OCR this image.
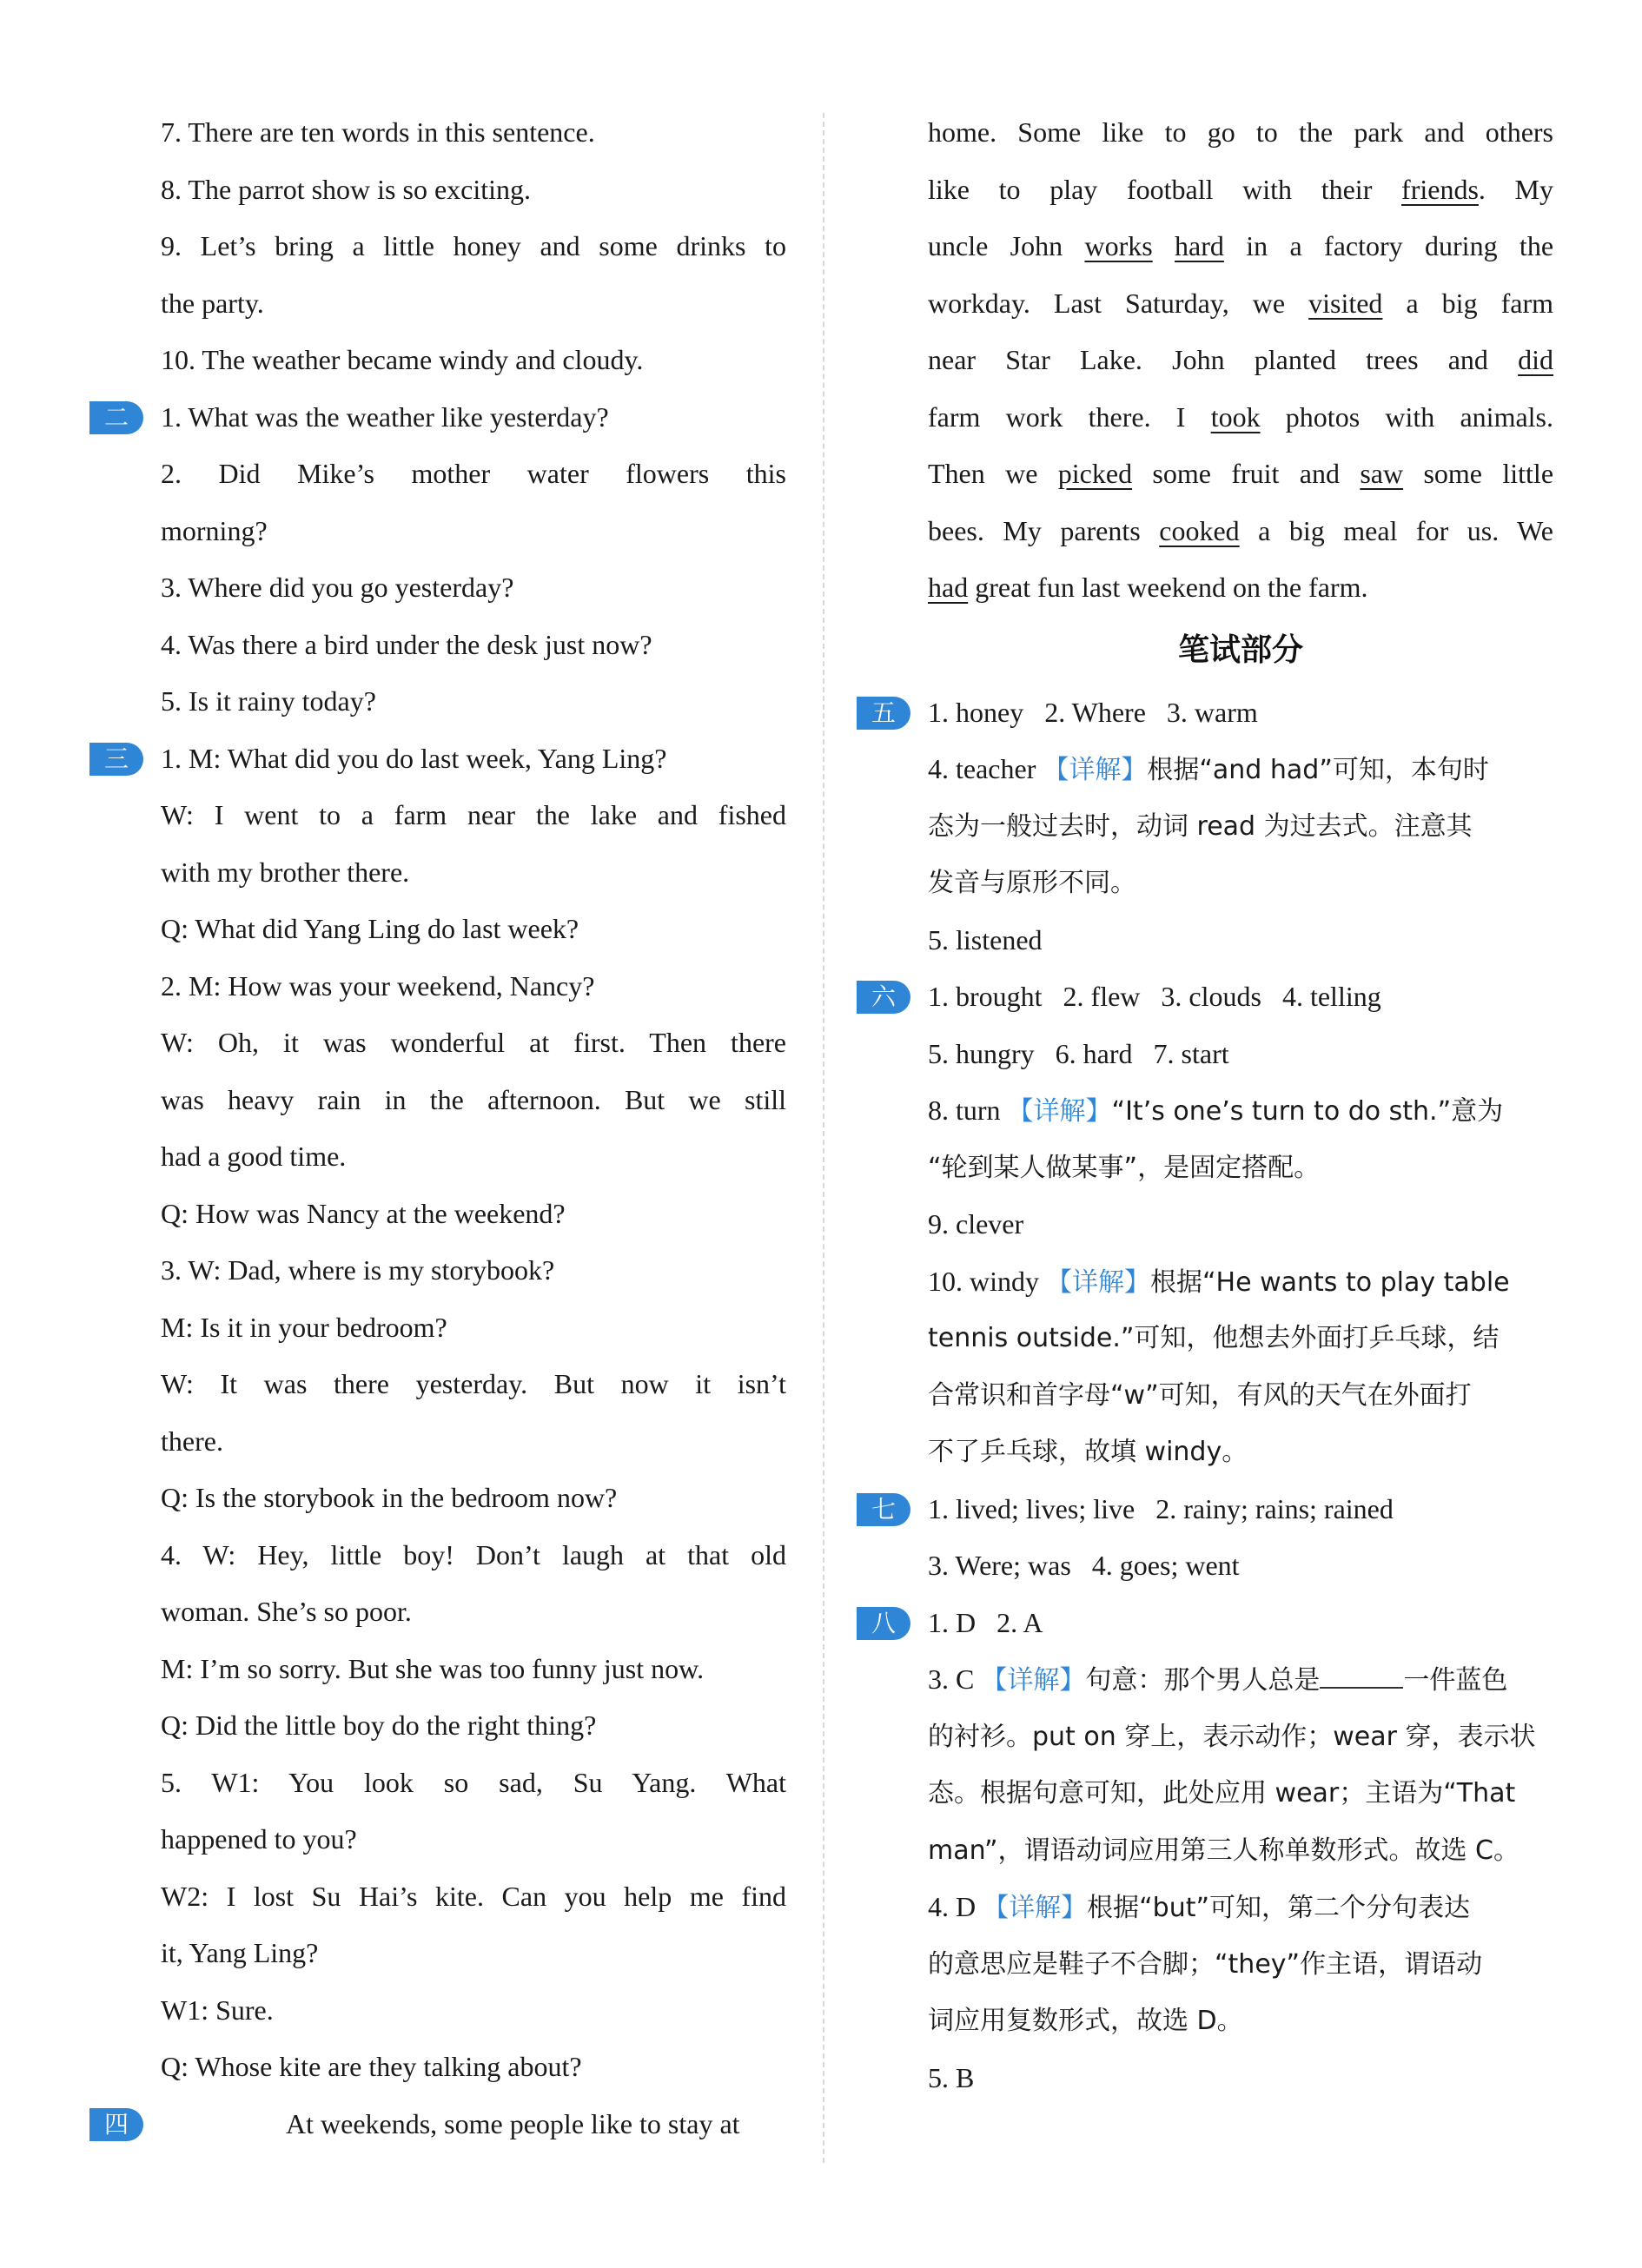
7. There are ten words in this sentence.
8. The parrot show is so exciting.
9. Let’s bring a little honey and some drinks to
the party.
10. The weather became windy and cloudy.
二	1. What was the weather like yesterday?
2. Did Mike’s mother water flowers this
morning?
3. Where did you go yesterday?
4. Was there a bird under the desk just now?
5. Is it rainy today?
三	1. M: What did you do last week, Yang Ling?
W: I went to a farm near the lake and fished
with my brother there.
Q: What did Yang Ling do last week?
2. M: How was your weekend, Nancy?
W: Oh, it was wonderful at first. Then there
was heavy rain in the afternoon. But we still
had a good time.
Q: How was Nancy at the weekend?
3. W: Dad, where is my storybook?
M: Is it in your bedroom?
W: It was there yesterday. But now it isn’t
there.
Q: Is the storybook in the bedroom now?
4. W: Hey, little boy! Don’t laugh at that old
woman. She’s so poor.
M: I’m so sorry. But she was too funny just now.
Q: Did the little boy do the right thing?
5. W1: You look so sad, Su Yang. What
happened to you?
W2: I lost Su Hai’s kite. Can you help me find
it, Yang Ling?
W1: Sure.
Q: Whose kite are they talking about?
四	At weekends, some people like to stay at
home. Some like to go to the park and others
like to play football with their friends. My
uncle John works hard in a factory during the
workday. Last Saturday, we visited a big farm
near Star Lake. John planted trees and did
farm work there. I took photos with animals.
Then we picked some fruit and saw some little
bees. My parents cooked a big meal for us. We
had great fun last weekend on the farm.
笔试部分
五	1. honey   2. Where   3. warm
4. teacher 【详解】根据“and had”可知，本句时
态为一般过去时，动词 read 为过去式。注意其
发音与原形不同。
5. listened
六	1. brought   2. flew   3. clouds   4. telling
5. hungry   6. hard   7. start
8. turn 【详解】“It’s one’s turn to do sth.”意为
“轮到某人做某事”，是固定搭配。
9. clever
10. windy 【详解】根据“He wants to play table
tennis outside.”可知，他想去外面打乒乓球，结
合常识和首字母“w”可知，有风的天气在外面打
不了乒乓球，故填 windy。
七	1. lived; lives; live   2. rainy; rains; rained
3. Were; was   4. goes; went
八	1. D   2. A
3. C 【详解】句意：那个男人总是	一件蓝色
的衬衫。put on 穿上，表示动作；wear 穿，表示状
态。根据句意可知，此处应用 wear；主语为“That
man”，谓语动词应用第三人称单数形式。故选 C。
4. D 【详解】根据“but”可知，第二个分句表达
的意思应是鞋子不合脚；“they”作主语，谓语动
词应用复数形式，故选 D。
5. B
